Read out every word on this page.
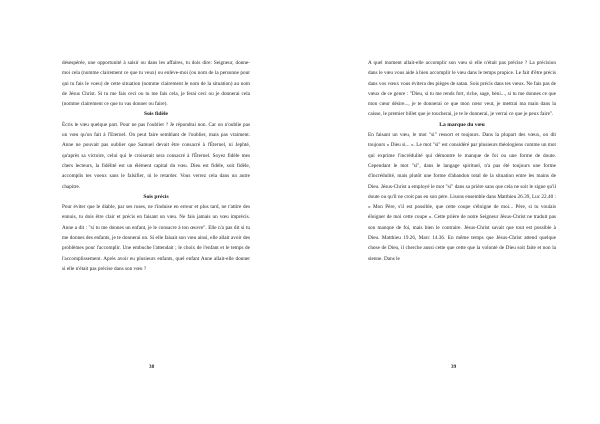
désespérée, une opportunité à saisir ou dans les affaires, tu dois dire: Seigneur, donne-moi cela (nomme clairement ce que tu veux) ou enlève-moi (ou nom de la personne pour qui tu fais le voeu) de cette situation (nomme clairement le nom de la situation) au nom de Jésus Christ. Si tu me fais ceci ou tu me fais cela, je ferai ceci ou je donnerai cela (nomme clairement ce que tu vas donner ou faire).

Sois fidèle

Écris le vœu quelque part. Pour ne pas l'oublier ? Je répondrai non. Car on n'oublie pas un vœu qu'on fait à l'Eternel. On peut faire semblant de l'oublier, mais pas vraiment. Anne ne pouvait pas oublier que Samuel devait être consacré à l'Éternel, ni Jephté, qu'après sa victoire, celui qui le croiserait sera consacré à l'Éternel. Soyez fidèle mes chers lecteurs, la fidélité est un élément capital du vœu. Dieu est fidèle, soit fidèle, accomplis tes voeux sans le falsifier, ni le retarder. Vous verrez cela dans un autre chapitre.

Sois précis

Pour éviter que le diable, par ses ruses, ne t'induise en erreur et plus tard, ne t'attire des ennuis, tu dois être clair et précis en faisant un vœu. Ne fais jamais un vœu imprécis. Anne a dit : "si tu me donnes un enfant, je le consacre à ton œuvre". Elle n'a pas dit si tu me donnes des enfants, je te donnerai un. Si elle faisait son vœu ainsi, elle allait avoir des problèmes pour l'accomplir. Une embuche l'attendait ; le choix de l'enfant et le temps de l'accomplissement. Après avoir eu plusieurs enfants, quel enfant Anne allait-elle donner si elle n'était pas précise dans son vœu ?

38

A quel moment allait-elle accomplir son vœu si elle n'était pas précise ? La précision dans le vœu vous aide à bien accomplir le vœu dans le temps propice. Le fait d'être précis dans vos vœux vous évitera des pièges de satan. Sois précis dans tes vœux. Ne fais pas de vœux de ce genre : "Dieu, si tu me rends fort, riche, sage, béni..., si tu me donnes ce que mon cœur désire..., je te donnerai ce que mon cœur veut, je mettrai ma main dans la caisse, le premier billet que je toucherai, je te le donnerai, je verrai ce que je peux faire".

La marque du vœu

En faisant un vœu, le mot "si" ressort et toujours. Dans la plupart des vœux, on dit toujours « Dieu si... ». Le mot "si" est considéré par plusieurs théologiens comme un mot qui exprime l'incrédulité qui démontre le manque de foi ou une forme de doute. Cependant le mot "si", dans le langage spirituel, n'a pas été toujours une forme d'incrédulité, mais plutôt une forme d'abandon total de la situation entre les mains de Dieu. Jésus-Christ a employé le mot "si" dans sa prière sans que cela ne soit le signe qu'il doute ou qu'il ne croit pas en son père. Lisons ensemble dans Matthieu 26.39, Luc 22.40 : « Mon Père, s'il est possible, que cette coupe s'éloigne de moi... Père, si tu voulais éloigner de moi cette coupe ». Cette prière de notre Seigneur Jésus-Christ ne traduit pas son manque de foi, mais bien le contraire. Jésus-Christ savait que tout est possible à Dieu. Matthieu 19.26, Marc 14.36. En même temps que Jésus-Christ attend quelque chose de Dieu, il cherche aussi cette que cette que la volonté de Dieu soit faite et non la sienne. Dans le

39
